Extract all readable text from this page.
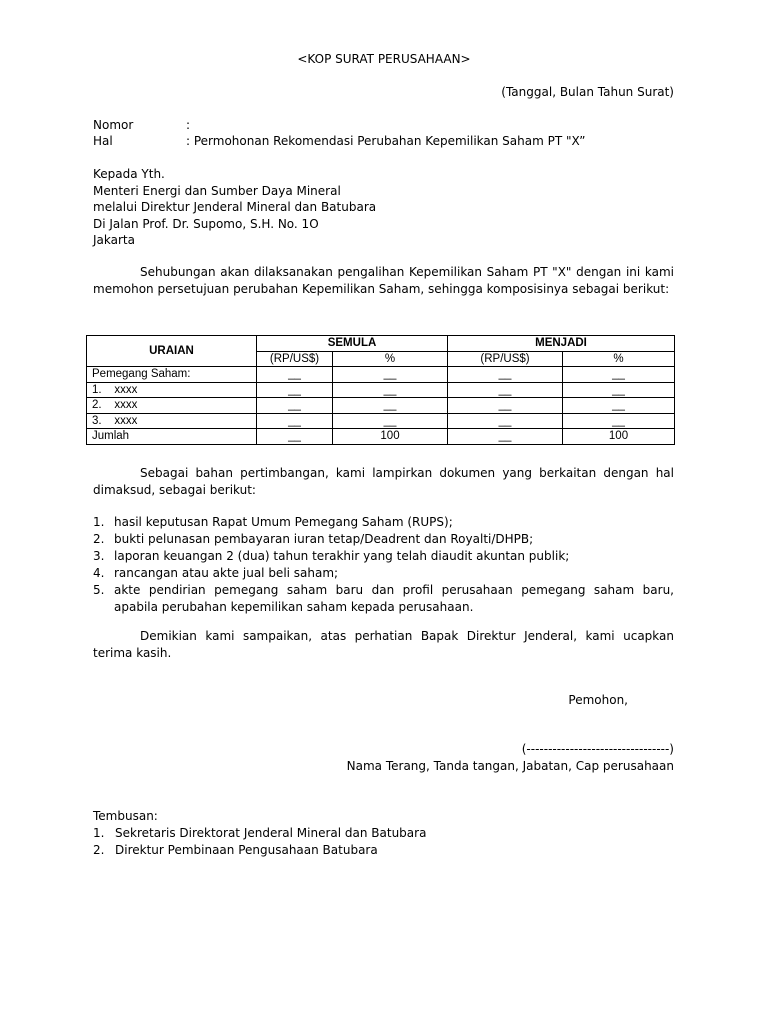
<KOP SURAT PERUSAHAAN>
(Tanggal, Bulan Tahun Surat)
Nomor	:
Hal	: Permohonan Rekomendasi Perubahan Kepemilikan Saham PT "X”
Kepada Yth.
Menteri Energi dan Sumber Daya Mineral
melalui Direktur Jenderal Mineral dan Batubara
Di Jalan Prof. Dr. Supomo, S.H. No. 1O
Jakarta
Sehubungan akan dilaksanakan pengalihan Kepemilikan Saham PT "X" dengan ini kami memohon persetujuan perubahan Kepemilikan Saham, sehingga komposisinya sebagai berikut:
URAIAN	SEMULA		MENJADI	
	(RP/US$)	%	(RP/US$)	%
Pemegang Saham:	__	__	__	__
1.    xxxx	__	__	__	__
2.    xxxx	__	__	__	__
3.    xxxx	__	__	__	__
Jumlah	__	100	__	100
Sebagai bahan pertimbangan, kami lampirkan dokumen yang berkaitan dengan hal dimaksud, sebagai berikut:
1. hasil keputusan Rapat Umum Pemegang Saham (RUPS);
2. bukti pelunasan pembayaran iuran tetap/Deadrent dan Royalti/DHPB;
3. laporan keuangan 2 (dua) tahun terakhir yang telah diaudit akuntan publik;
4. rancangan atau akte jual beli saham;
5. akte pendirian pemegang saham baru dan profil perusahaan pemegang saham baru, apabila perubahan kepemilikan saham kepada perusahaan.
Demikian kami sampaikan, atas perhatian Bapak Direktur Jenderal, kami ucapkan terima kasih.
Pemohon,
(---------------------------------)
Nama Terang, Tanda tangan, Jabatan, Cap perusahaan
Tembusan:
1. Sekretaris Direktorat Jenderal Mineral dan Batubara
2. Direktur Pembinaan Pengusahaan Batubara
